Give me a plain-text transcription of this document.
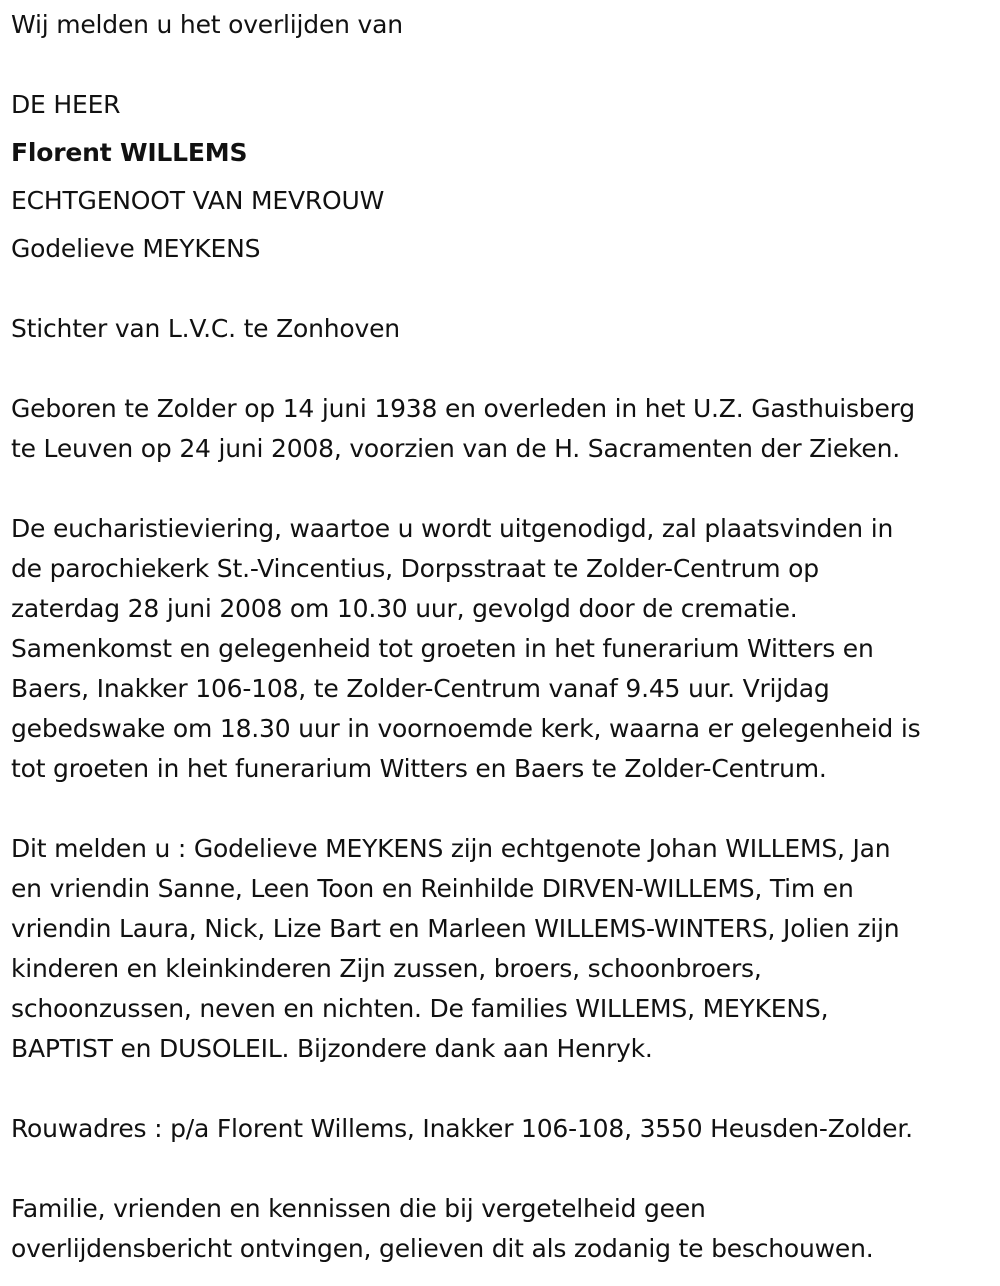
Wij melden u het overlijden van
DE HEER
Florent WILLEMS
ECHTGENOOT VAN MEVROUW
Godelieve MEYKENS
Stichter van L.V.C. te Zonhoven
Geboren te Zolder op 14 juni 1938 en overleden in het U.Z. Gasthuisberg
te Leuven op 24 juni 2008, voorzien van de H. Sacramenten der Zieken.
De eucharistieviering, waartoe u wordt uitgenodigd, zal plaatsvinden in
de parochiekerk St.-Vincentius, Dorpsstraat te Zolder-Centrum op
zaterdag 28 juni 2008 om 10.30 uur, gevolgd door de crematie.
Samenkomst en gelegenheid tot groeten in het funerarium Witters en
Baers, Inakker 106-108, te Zolder-Centrum vanaf 9.45 uur. Vrijdag
gebedswake om 18.30 uur in voornoemde kerk, waarna er gelegenheid is
tot groeten in het funerarium Witters en Baers te Zolder-Centrum.
Dit melden u : Godelieve MEYKENS zijn echtgenote Johan WILLEMS, Jan
en vriendin Sanne, Leen Toon en Reinhilde DIRVEN-WILLEMS, Tim en
vriendin Laura, Nick, Lize Bart en Marleen WILLEMS-WINTERS, Jolien zijn
kinderen en kleinkinderen Zijn zussen, broers, schoonbroers,
schoonzussen, neven en nichten. De families WILLEMS, MEYKENS,
BAPTIST en DUSOLEIL. Bijzondere dank aan Henryk.
Rouwadres : p/a Florent Willems, Inakker 106-108, 3550 Heusden-Zolder.
Familie, vrienden en kennissen die bij vergetelheid geen
overlijdensbericht ontvingen, gelieven dit als zodanig te beschouwen.
